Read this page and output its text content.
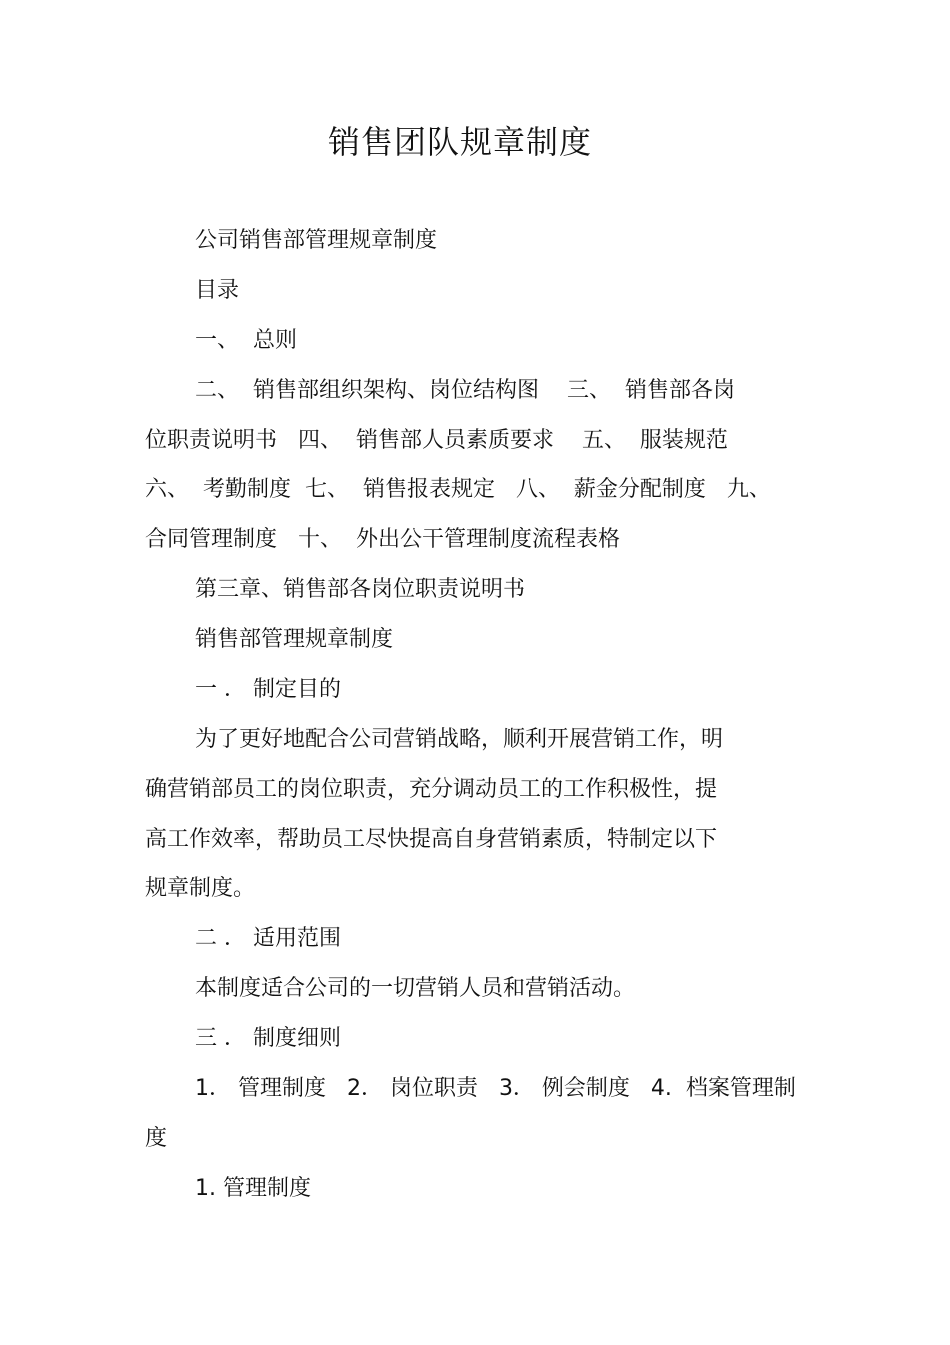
销售团队规章制度
公司销售部管理规章制度
目录
一、  总则
二、  销售部组织架构、岗位结构图    三、  销售部各岗
位职责说明书   四、  销售部人员素质要求    五、  服装规范
六、  考勤制度  七、  销售报表规定   八、  薪金分配制度   九、
合同管理制度   十、  外出公干管理制度流程表格
第三章、销售部各岗位职责说明书
销售部管理规章制度
一 ． 制定目的
为了更好地配合公司营销战略，顺利开展营销工作，明
确营销部员工的岗位职责，充分调动员工的工作积极性，提
高工作效率，帮助员工尽快提高自身营销素质，特制定以下
规章制度。
二 ． 适用范围
本制度适合公司的一切营销人员和营销活动。
三 ． 制度细则
1． 管理制度   2． 岗位职责   3． 例会制度   4.  档案管理制
度
1. 管理制度
